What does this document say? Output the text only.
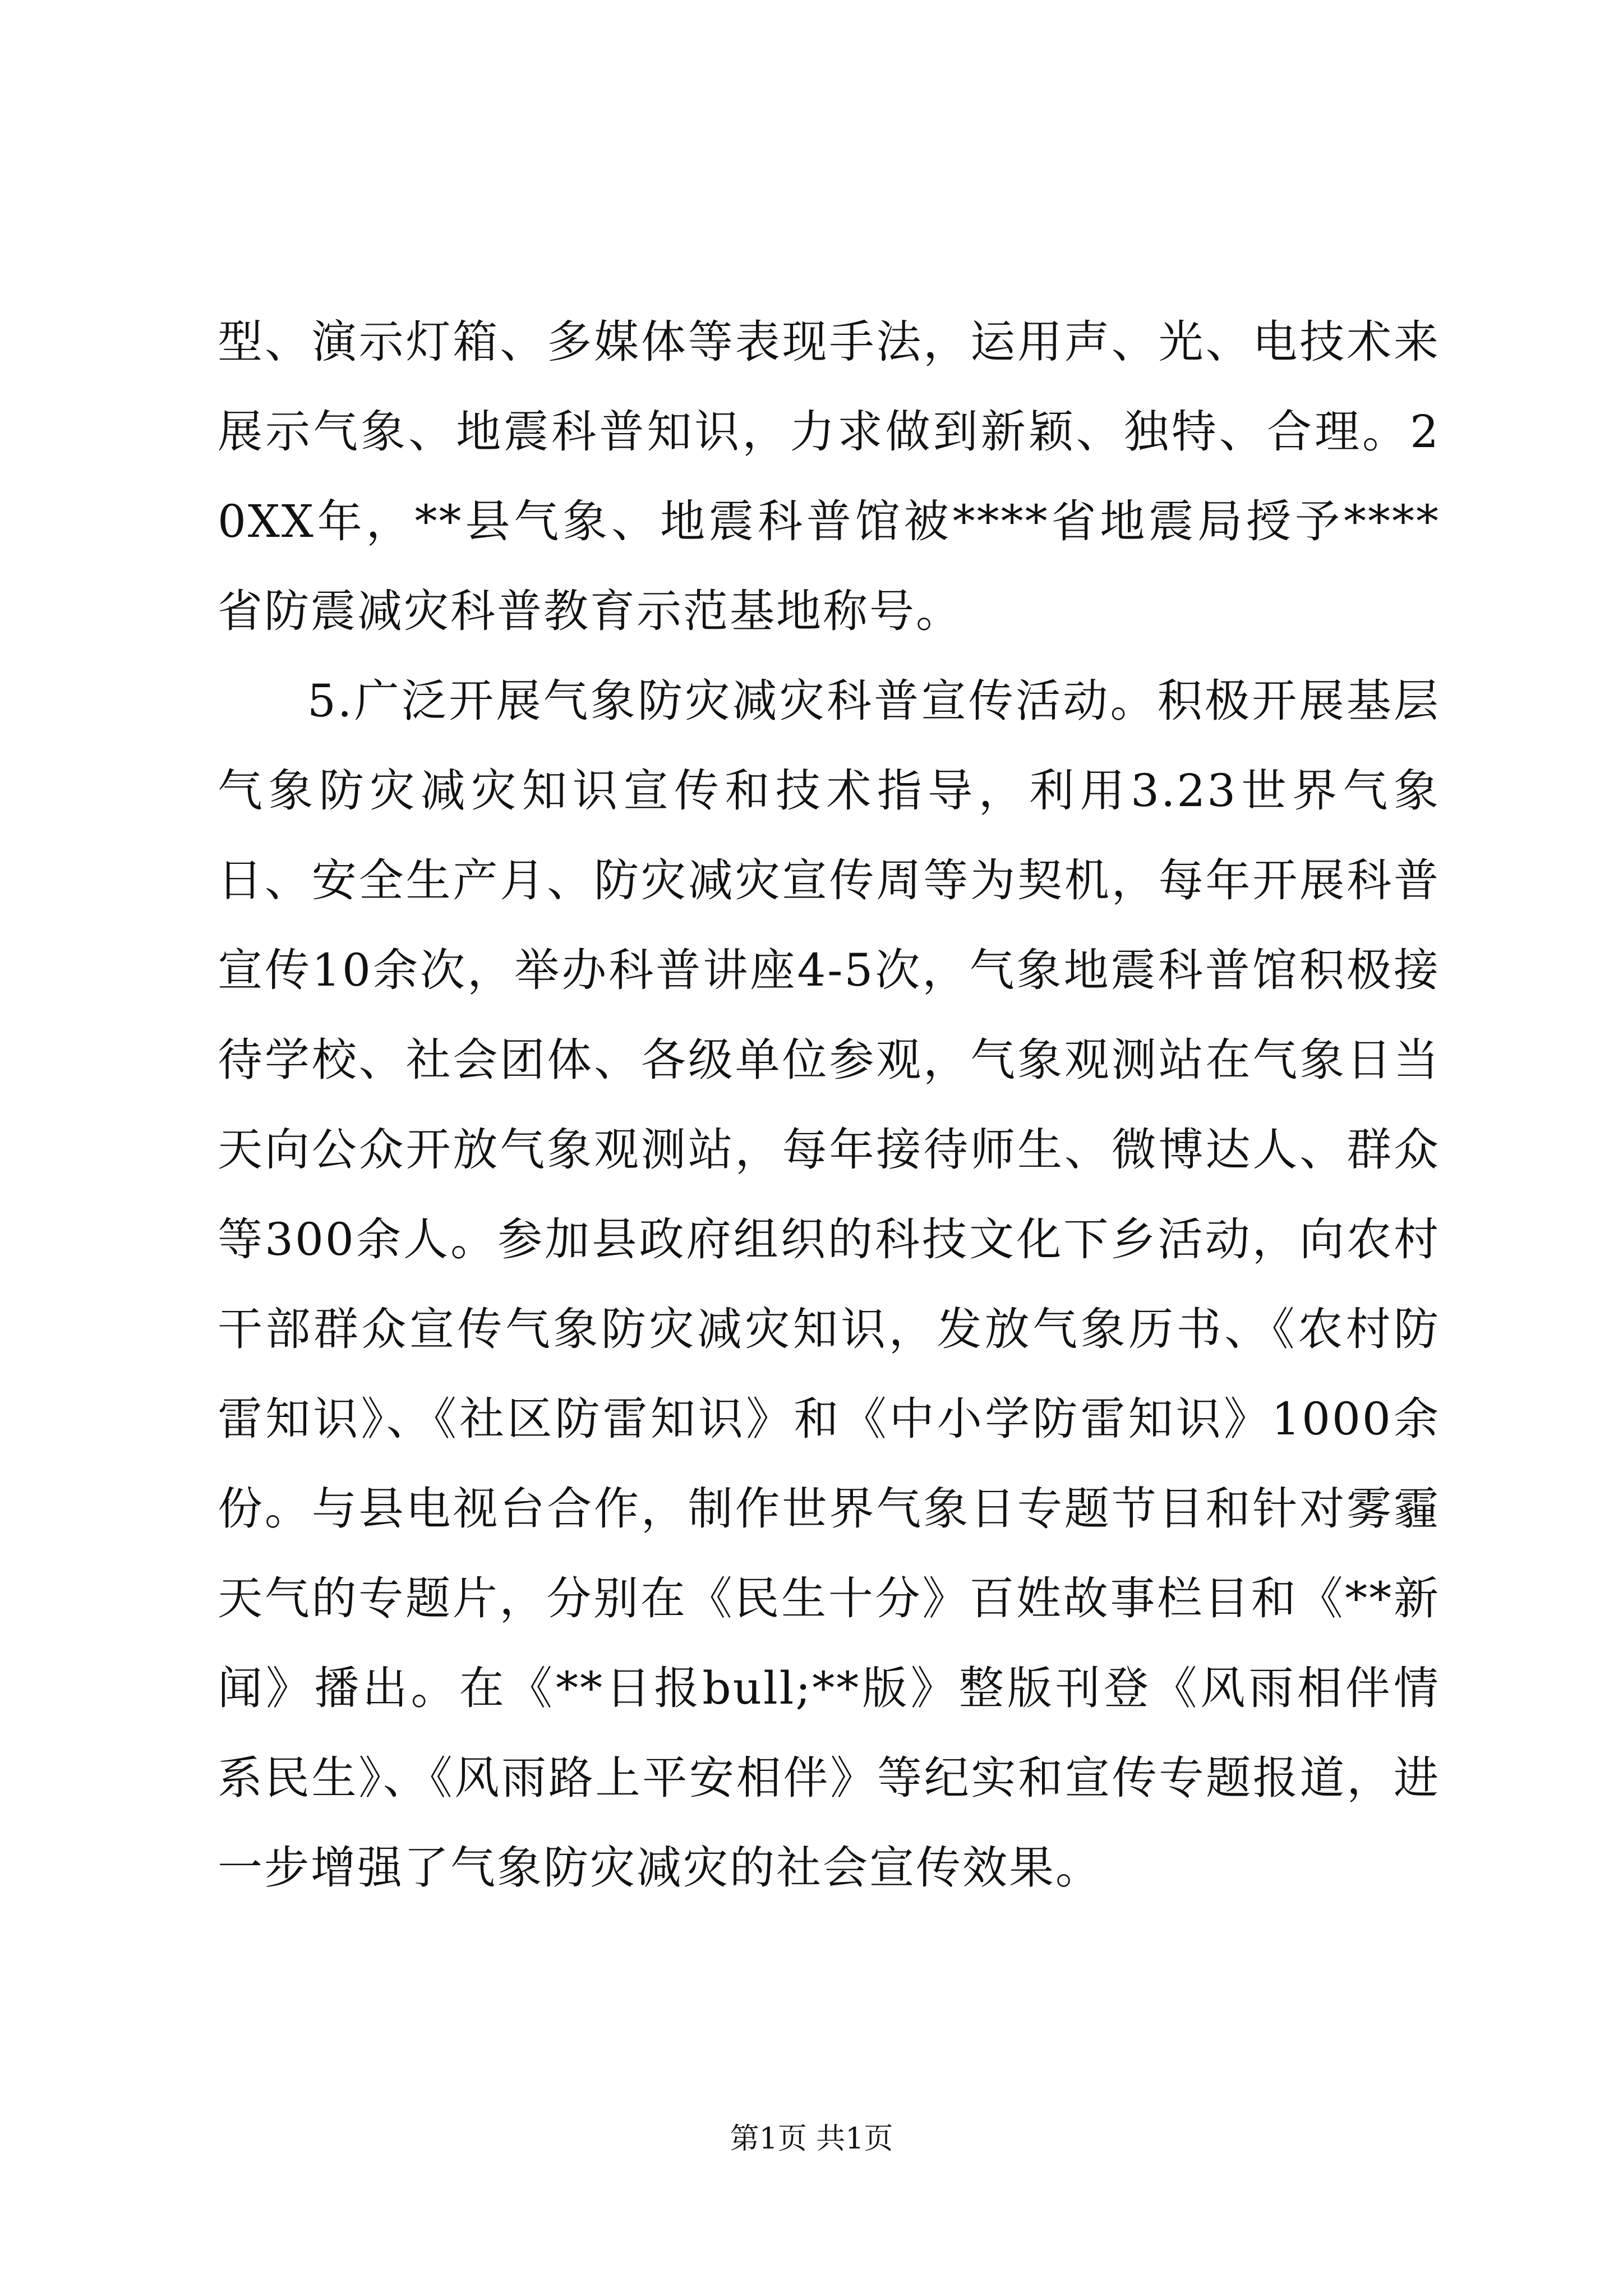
型、演示灯箱、多媒体等表现手法，运用声、光、电技术来展示气象、地震科普知识，力求做到新颖、独特、合理。20XX年，**县气象、地震科普馆被****省地震局授予****省防震减灾科普教育示范基地称号。

5.广泛开展气象防灾减灾科普宣传活动。积极开展基层气象防灾减灾知识宣传和技术指导，利用3.23世界气象日、安全生产月、防灾减灾宣传周等为契机，每年开展科普宣传10余次，举办科普讲座4-5次，气象地震科普馆积极接待学校、社会团体、各级单位参观，气象观测站在气象日当天向公众开放气象观测站，每年接待师生、微博达人、群众等300余人。参加县政府组织的科技文化下乡活动，向农村干部群众宣传气象防灾减灾知识，发放气象历书、《农村防雷知识》、《社区防雷知识》和《中小学防雷知识》1000余份。与县电视台合作，制作世界气象日专题节目和针对雾霾天气的专题片，分别在《民生十分》百姓故事栏目和《**新闻》播出。在《**日报bull;**版》整版刊登《风雨相伴情系民生》、《风雨路上平安相伴》等纪实和宣传专题报道，进一步增强了气象防灾减灾的社会宣传效果。

第1页 共1页
